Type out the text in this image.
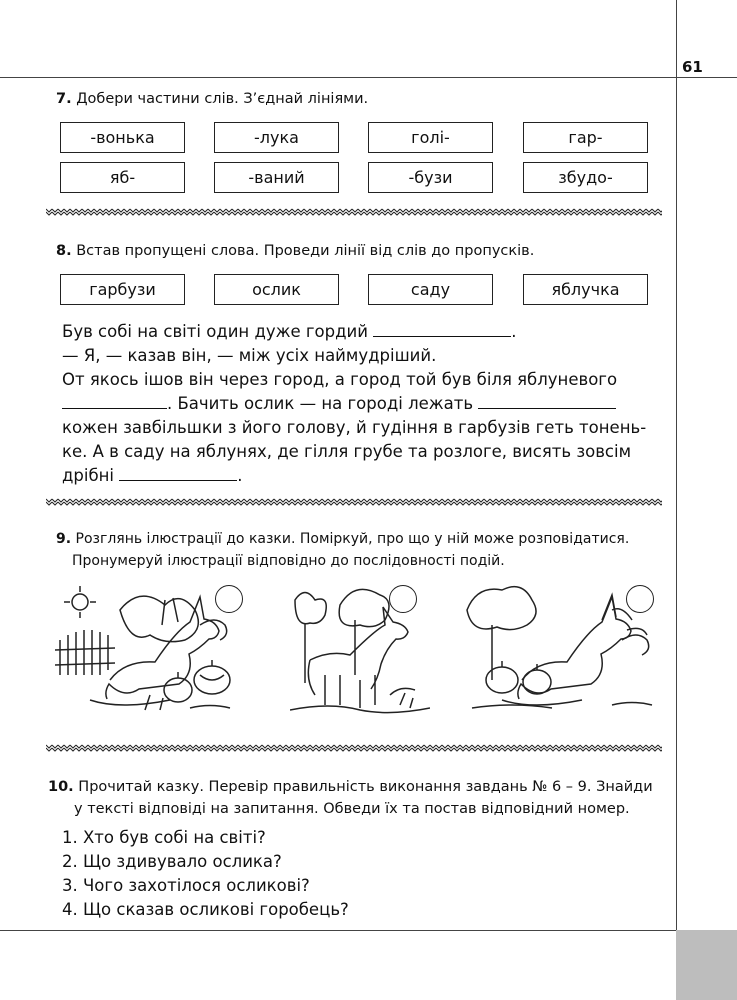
61
7. Добери частини слів. З’єднай лініями.
-вонька	-лука	голі-	гар-
яб-	-ваний	-бузи	збудо-
8. Встав пропущені слова. Проведи лінії від слів до пропусків.
гарбузи	ослик	саду	яблучка

Був собі на світі один дуже гордий	.

— Я, — казав він, — між усіх наймудріший.

От якось ішов він через город, а город той був біля яблуневого

. Бачить ослик — на городі лежать

кожен завбільшки з його голову, й гудіння в гарбузів геть тонень-

ке. А в саду на яблунях, де гілля грубе та розлоге, висять зовсім

дрібні	.

9. Розглянь ілюстрації до казки. Поміркуй, про що у ній може розповідатися.
Пронумеруй ілюстрації відповідно до послідовності подій.
10. Прочитай казку. Перевір правильність виконання завдань № 6 – 9. Знайди
у тексті відповіді на запитання. Обведи їх та постав відповідний номер.
1. Хто був собі на світі?
2. Що здивувало ослика?
3. Чого захотілося осликові?
4. Що сказав осликові горобець?
